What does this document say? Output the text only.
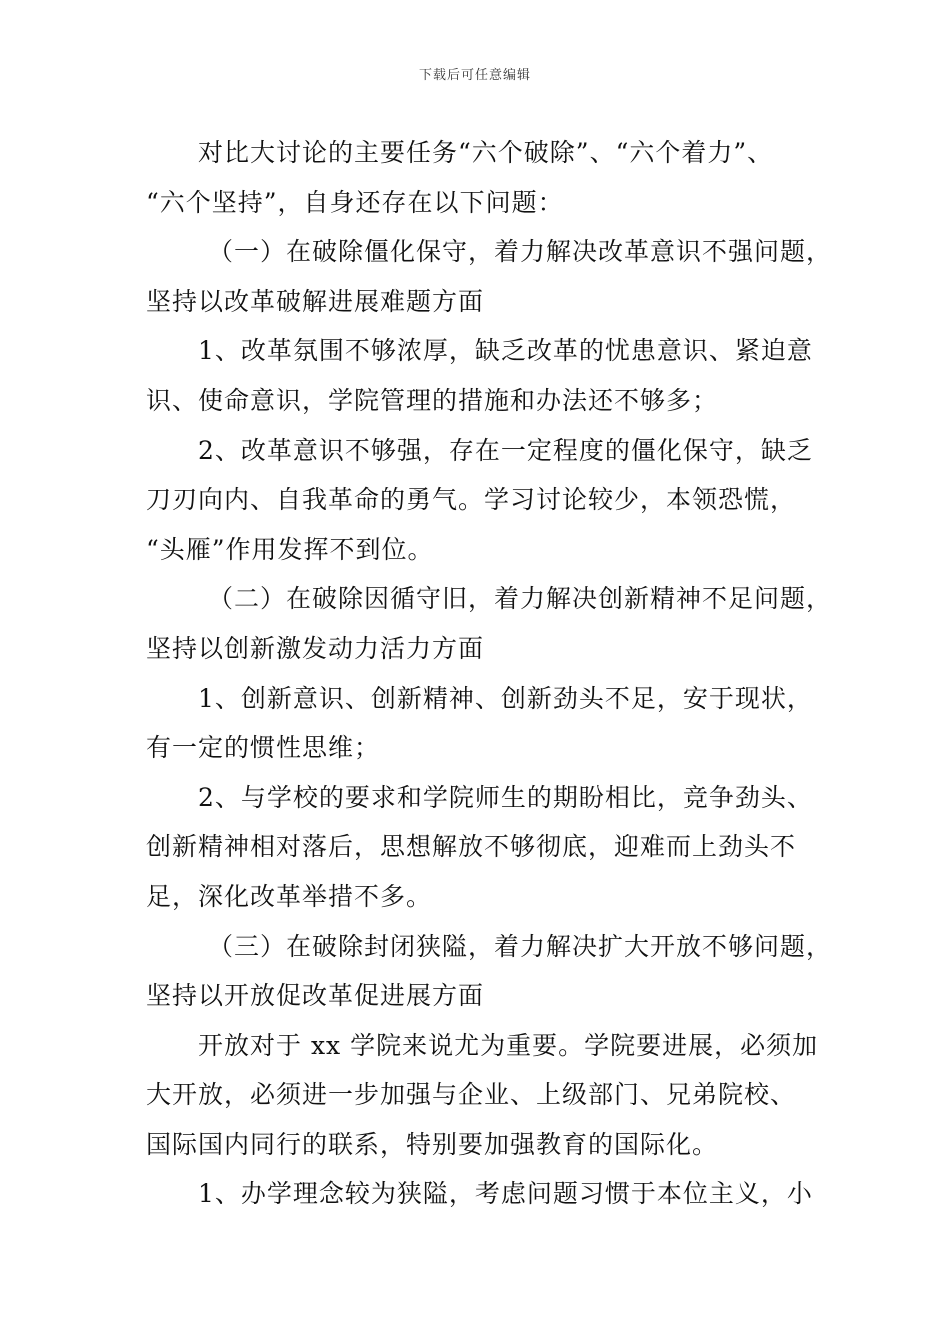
下载后可任意编辑
对比大讨论的主要任务“六个破除”、“六个着力”、
“六个坚持”，自身还存在以下问题：
（一）在破除僵化保守，着力解决改革意识不强问题，
坚持以改革破解进展难题方面
1、改革氛围不够浓厚，缺乏改革的忧患意识、紧迫意
识、使命意识，学院管理的措施和办法还不够多；
2、改革意识不够强，存在一定程度的僵化保守，缺乏
刀刃向内、自我革命的勇气。学习讨论较少，本领恐慌，
“头雁”作用发挥不到位。
（二）在破除因循守旧，着力解决创新精神不足问题，
坚持以创新激发动力活力方面
1、创新意识、创新精神、创新劲头不足，安于现状，
有一定的惯性思维；
2、与学校的要求和学院师生的期盼相比，竞争劲头、
创新精神相对落后，思想解放不够彻底，迎难而上劲头不
足，深化改革举措不多。
（三）在破除封闭狭隘，着力解决扩大开放不够问题，
坚持以开放促改革促进展方面
开放对于 xx 学院来说尤为重要。学院要进展，必须加
大开放，必须进一步加强与企业、上级部门、兄弟院校、
国际国内同行的联系，特别要加强教育的国际化。
1、办学理念较为狭隘，考虑问题习惯于本位主义，小
